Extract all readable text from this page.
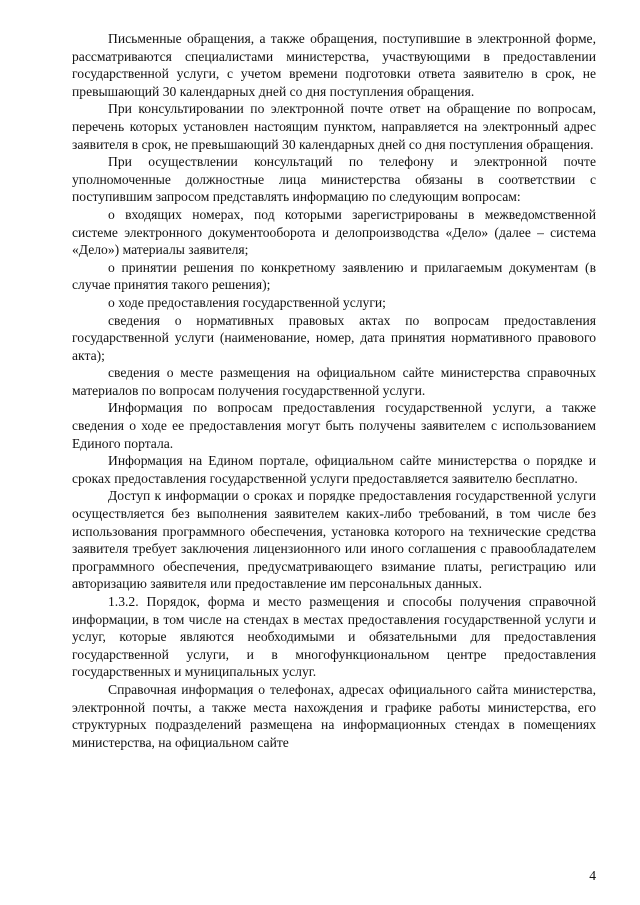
Письменные обращения, а также обращения, поступившие в электронной форме, рассматриваются специалистами министерства, участвующими в предоставлении государственной услуги, с учетом времени подготовки ответа заявителю в срок, не превышающий 30 календарных дней со дня поступления обращения.

При консультировании по электронной почте ответ на обращение по вопросам, перечень которых установлен настоящим пунктом, направляется на электронный адрес заявителя в срок, не превышающий 30 календарных дней со дня поступления обращения.

При осуществлении консультаций по телефону и электронной почте уполномоченные должностные лица министерства обязаны в соответствии с поступившим запросом представлять информацию по следующим вопросам:

о входящих номерах, под которыми зарегистрированы в межведомственной системе электронного документооборота и делопроизводства «Дело» (далее – система «Дело») материалы заявителя;

о принятии решения по конкретному заявлению и прилагаемым документам (в случае принятия такого решения);

о ходе предоставления государственной услуги;

сведения о нормативных правовых актах по вопросам предоставления государственной услуги (наименование, номер, дата принятия нормативного правового акта);

сведения о месте размещения на официальном сайте министерства справочных материалов по вопросам получения государственной услуги.

Информация по вопросам предоставления государственной услуги, а также сведения о ходе ее предоставления могут быть получены заявителем с использованием Единого портала.

Информация на Едином портале, официальном сайте министерства о порядке и сроках предоставления государственной услуги предоставляется заявителю бесплатно.

Доступ к информации о сроках и порядке предоставления государственной услуги осуществляется без выполнения заявителем каких-либо требований, в том числе без использования программного обеспечения, установка которого на технические средства заявителя требует заключения лицензионного или иного соглашения с правообладателем программного обеспечения, предусматривающего взимание платы, регистрацию или авторизацию заявителя или предоставление им персональных данных.

1.3.2. Порядок, форма и место размещения и способы получения справочной информации, в том числе на стендах в местах предоставления государственной услуги и услуг, которые являются необходимыми и обязательными для предоставления государственной услуги, и в многофункциональном центре предоставления государственных и муниципальных услуг.

Справочная информация о телефонах, адресах официального сайта министерства, электронной почты, а также места нахождения и графике работы министерства, его структурных подразделений размещена на информационных стендах в помещениях министерства, на официальном сайте

4
